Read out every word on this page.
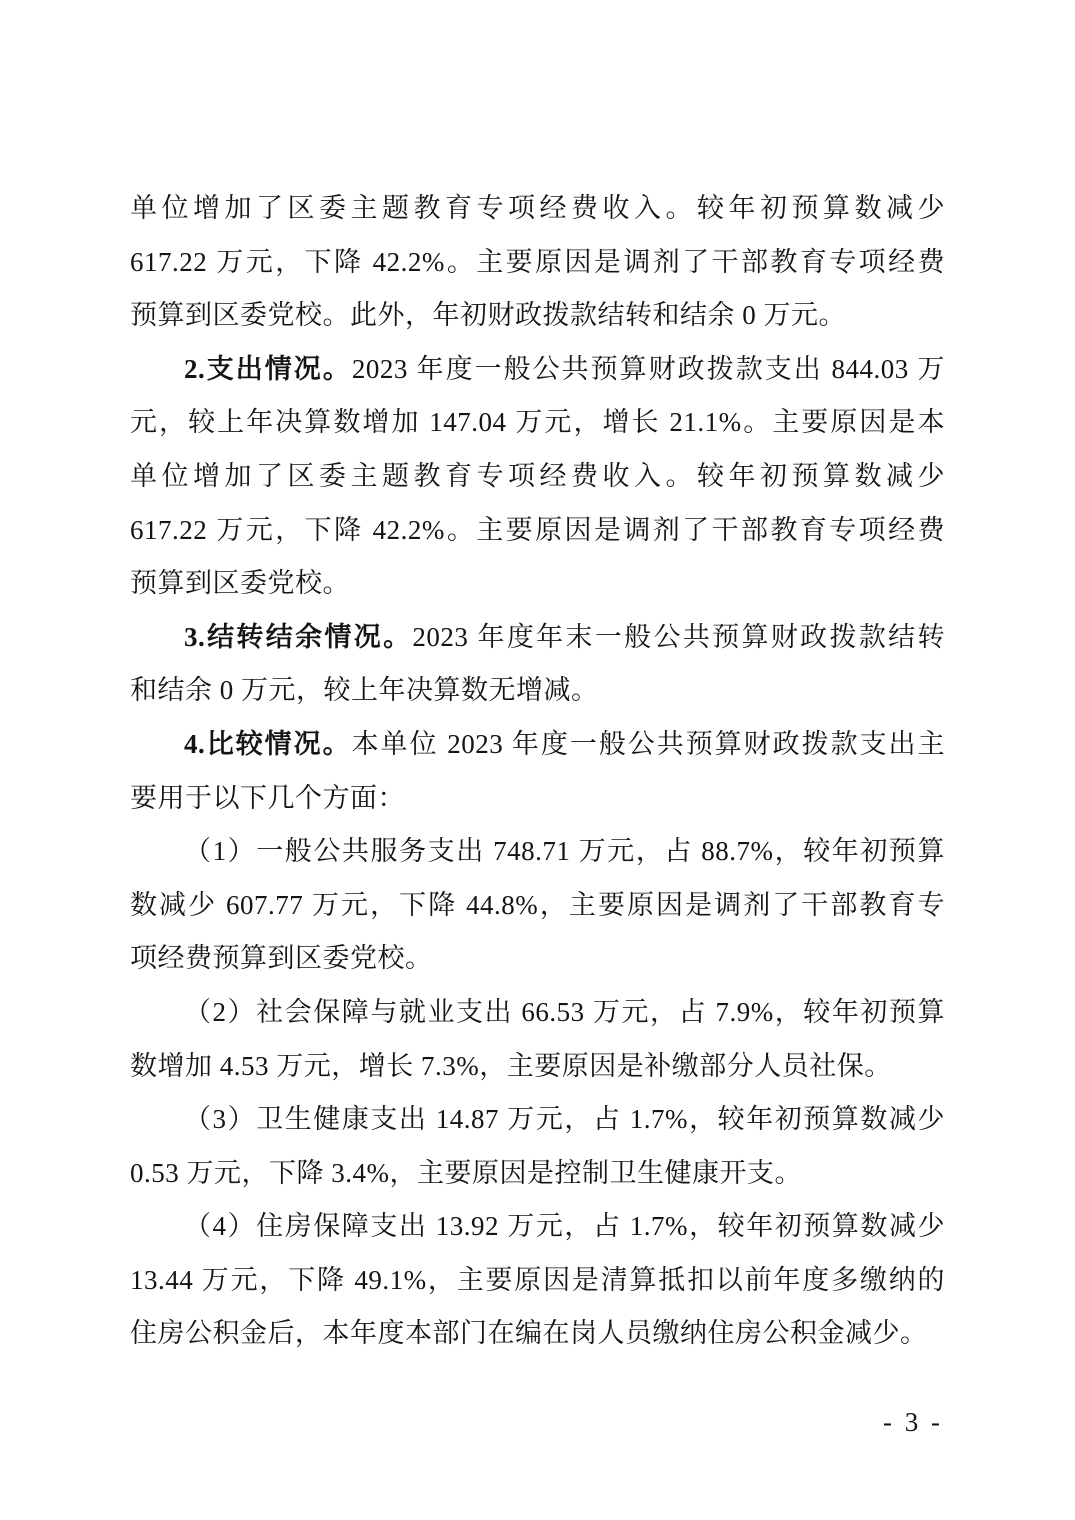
单位增加了区委主题教育专项经费收入。较年初预算数减少
617.22 万元，下降 42.2%。主要原因是调剂了干部教育专项经费
预算到区委党校。此外，年初财政拨款结转和结余 0 万元。
2.支出情况。2023 年度一般公共预算财政拨款支出 844.03 万
元，较上年决算数增加 147.04 万元，增长 21.1%。主要原因是本
单位增加了区委主题教育专项经费收入。较年初预算数减少
617.22 万元，下降 42.2%。主要原因是调剂了干部教育专项经费
预算到区委党校。
3.结转结余情况。2023 年度年末一般公共预算财政拨款结转
和结余 0 万元，较上年决算数无增减。
4.比较情况。本单位 2023 年度一般公共预算财政拨款支出主
要用于以下几个方面：
（1）一般公共服务支出 748.71 万元，占 88.7%，较年初预算
数减少 607.77 万元，下降 44.8%，主要原因是调剂了干部教育专
项经费预算到区委党校。
（2）社会保障与就业支出 66.53 万元，占 7.9%，较年初预算
数增加 4.53 万元，增长 7.3%，主要原因是补缴部分人员社保。
（3）卫生健康支出 14.87 万元，占 1.7%，较年初预算数减少
0.53 万元，下降 3.4%，主要原因是控制卫生健康开支。
（4）住房保障支出 13.92 万元，占 1.7%，较年初预算数减少
13.44 万元，下降 49.1%，主要原因是清算抵扣以前年度多缴纳的
住房公积金后，本年度本部门在编在岗人员缴纳住房公积金减少。
- 3 -
